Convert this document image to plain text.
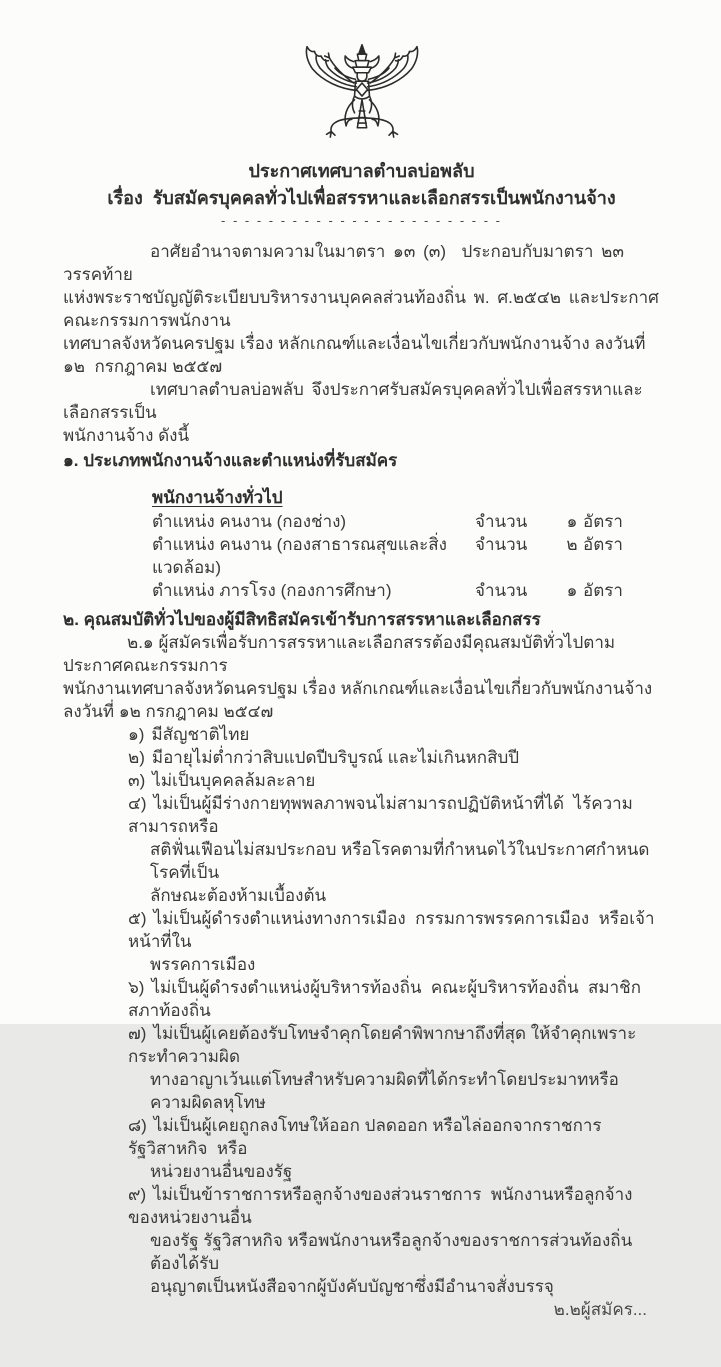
ประกาศเทศบาลตำบลบ่อพลับ
เรื่อง  รับสมัครบุคคลทั่วไปเพื่อสรรหาและเลือกสรรเป็นพนักงานจ้าง
- - - - - - - - - - - - - - - - - - - - - - - -
อาศัยอำนาจตามความในมาตรา ๑๓ (๓)  ประกอบกับมาตรา ๒๓ วรรคท้าย
แห่งพระราชบัญญัติระเบียบบริหารงานบุคคลส่วนท้องถิ่น พ. ศ.๒๕๔๒ และประกาศคณะกรรมการพนักงาน
เทศบาลจังหวัดนครปฐม เรื่อง หลักเกณฑ์และเงื่อนไขเกี่ยวกับพนักงานจ้าง ลงวันที่ ๑๒  กรกฎาคม ๒๕๕๗
เทศบาลตำบลบ่อพลับ จึงประกาศรับสมัครบุคคลทั่วไปเพื่อสรรหาและเลือกสรรเป็น
พนักงานจ้าง ดังนี้
๑. ประเภทพนักงานจ้างและตำแหน่งที่รับสมัคร
พนักงานจ้างทั่วไป
ตำแหน่ง คนงาน (กองช่าง)	จำนวน	๑ อัตรา
ตำแหน่ง คนงาน (กองสาธารณสุขและสิ่งแวดล้อม)
จำนวน	๒ อัตรา
ตำแหน่ง ภารโรง (กองการศึกษา)	จำนวน	๑ อัตรา
๒. คุณสมบัติทั่วไปของผู้มีสิทธิสมัครเข้ารับการสรรหาและเลือกสรร
๒.๑ ผู้สมัครเพื่อรับการสรรหาและเลือกสรรต้องมีคุณสมบัติทั่วไปตามประกาศคณะกรรมการ
พนักงานเทศบาลจังหวัดนครปฐม เรื่อง หลักเกณฑ์และเงื่อนไขเกี่ยวกับพนักงานจ้าง ลงวันที่ ๑๒ กรกฎาคม ๒๕๔๗
๑) มีสัญชาติไทย
๒) มีอายุไม่ต่ำกว่าสิบแปดปีบริบูรณ์ และไม่เกินหกสิบปี
๓) ไม่เป็นบุคคลล้มละลาย
๔) ไม่เป็นผู้มีร่างกายทุพพลภาพจนไม่สามารถปฏิบัติหน้าที่ได้  ไร้ความสามารถหรือ
สติฟั่นเฟือนไม่สมประกอบ หรือโรคตามที่กำหนดไว้ในประกาศกำหนดโรคที่เป็น
ลักษณะต้องห้ามเบื้องต้น
๕) ไม่เป็นผู้ดำรงตำแหน่งทางการเมือง  กรรมการพรรคการเมือง  หรือเจ้าหน้าที่ใน
พรรคการเมือง
๖) ไม่เป็นผู้ดำรงตำแหน่งผู้บริหารท้องถิ่น  คณะผู้บริหารท้องถิ่น  สมาชิกสภาท้องถิ่น
๗) ไม่เป็นผู้เคยต้องรับโทษจำคุกโดยคำพิพากษาถึงที่สุด ให้จำคุกเพราะกระทำความผิด
ทางอาญาเว้นแต่โทษสำหรับความผิดที่ได้กระทำโดยประมาทหรือความผิดลหุโทษ
๘) ไม่เป็นผู้เคยถูกลงโทษให้ออก ปลดออก หรือไล่ออกจากราชการ  รัฐวิสาหกิจ  หรือ
หน่วยงานอื่นของรัฐ
๙) ไม่เป็นข้าราชการหรือลูกจ้างของส่วนราชการ  พนักงานหรือลูกจ้างของหน่วยงานอื่น
ของรัฐ รัฐวิสาหกิจ หรือพนักงานหรือลูกจ้างของราชการส่วนท้องถิ่นต้องได้รับ
อนุญาตเป็นหนังสือจากผู้บังคับบัญชาซึ่งมีอำนาจสั่งบรรจุ
๒.๒ผู้สมัคร...
